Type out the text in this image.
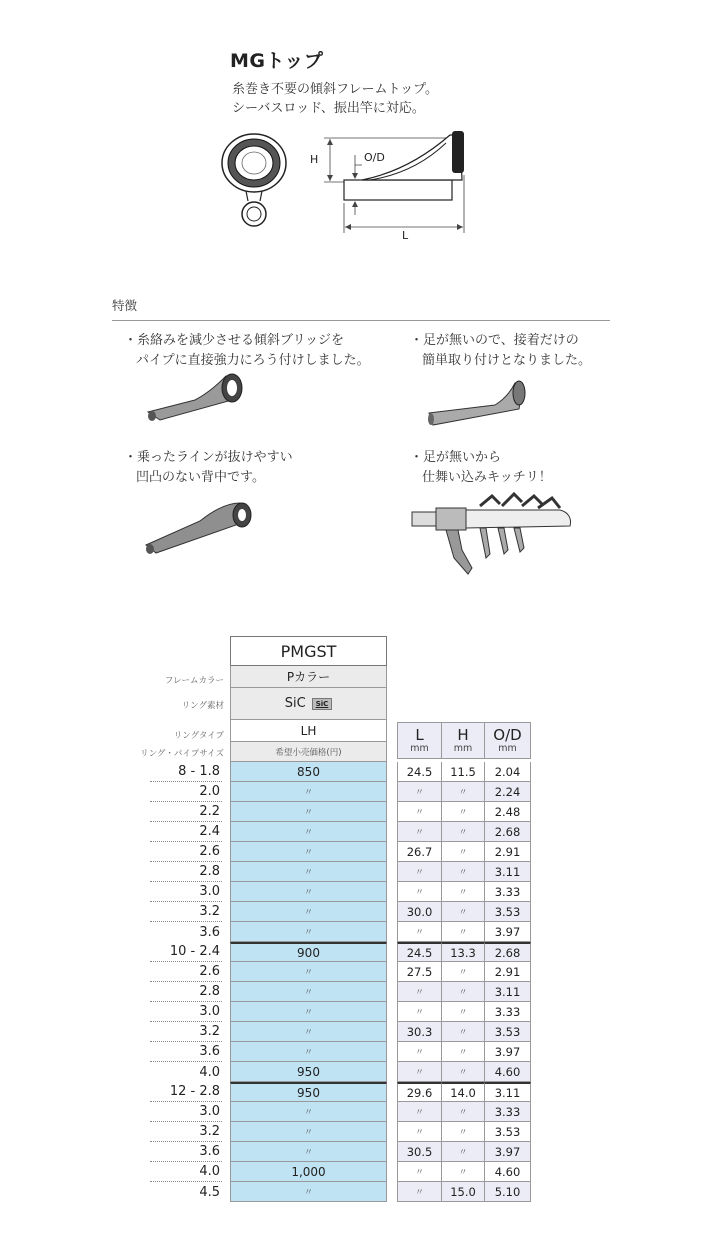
MGトップ
糸巻き不要の傾斜フレームトップ。
シーバスロッド、振出竿に対応。
H	O/D
L
特徴
・糸絡みを減少させる傾斜ブリッジを
パイプに直接強力にろう付けしました。
・足が無いので、接着だけの
簡単取り付けとなりました。
・乗ったラインが抜けやすい
凹凸のない背中です。
・足が無いから
仕舞い込みキッチリ！
PMGST
フレームカラー	Pカラー
リング素材	SiC	SiC
リングタイプ	LH
リング・パイプサイズ	希望小売価格(円)
L
mm
H
mm
O/D
mm
8 - 1.8	850	24.5	11.5	2.04
2.0	〃	〃	〃	2.24
2.2	〃	〃	〃	2.48
2.4	〃	〃	〃	2.68
2.6	〃	26.7	〃	2.91
2.8	〃	〃	〃	3.11
3.0	〃	〃	〃	3.33
3.2	〃	30.0	〃	3.53
3.6	〃	〃	〃	3.97
10 - 2.4	900	24.5	13.3	2.68
2.6	〃	27.5	〃	2.91
2.8	〃	〃	〃	3.11
3.0	〃	〃	〃	3.33
3.2	〃	30.3	〃	3.53
3.6	〃	〃	〃	3.97
4.0	950	〃	〃	4.60
12 - 2.8	950	29.6	14.0	3.11
3.0	〃	〃	〃	3.33
3.2	〃	〃	〃	3.53
3.6	〃	30.5	〃	3.97
4.0	1,000	〃	〃	4.60
4.5	〃	〃	15.0	5.10
